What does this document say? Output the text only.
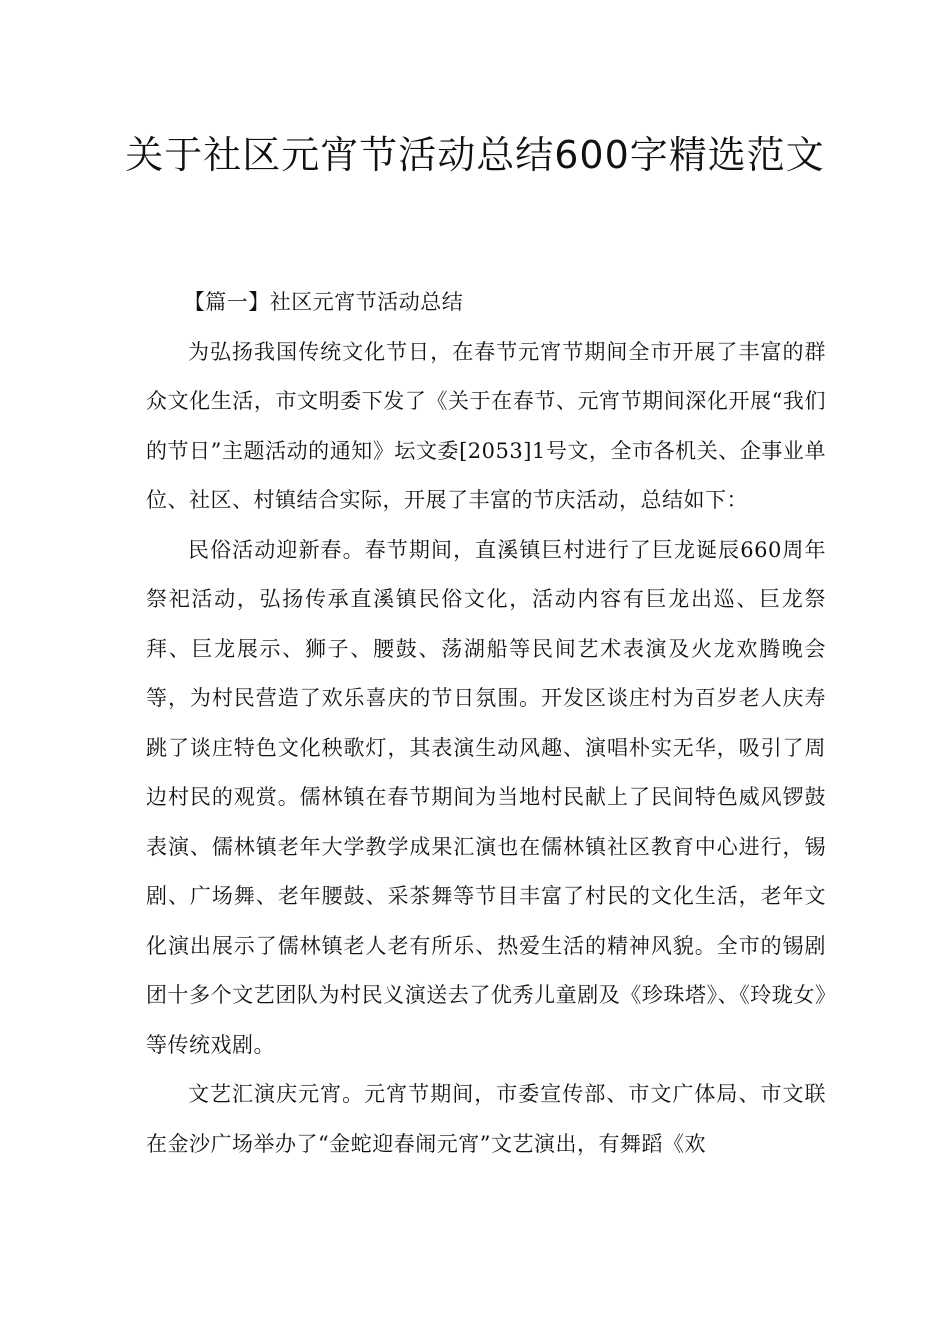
关于社区元宵节活动总结600字精选范文

【篇一】社区元宵节活动总结

为弘扬我国传统文化节日，在春节元宵节期间全市开展了丰富的群众文化生活，市文明委下发了《关于在春节、元宵节期间深化开展“我们的节日”主题活动的通知》坛文委[2053]1号文，全市各机关、企事业单位、社区、村镇结合实际，开展了丰富的节庆活动，总结如下：

民俗活动迎新春。春节期间，直溪镇巨村进行了巨龙诞辰660周年祭祀活动，弘扬传承直溪镇民俗文化，活动内容有巨龙出巡、巨龙祭拜、巨龙展示、狮子、腰鼓、荡湖船等民间艺术表演及火龙欢腾晚会等，为村民营造了欢乐喜庆的节日氛围。开发区谈庄村为百岁老人庆寿跳了谈庄特色文化秧歌灯，其表演生动风趣、演唱朴实无华，吸引了周边村民的观赏。儒林镇在春节期间为当地村民献上了民间特色威风锣鼓表演、儒林镇老年大学教学成果汇演也在儒林镇社区教育中心进行，锡剧、广场舞、老年腰鼓、采茶舞等节目丰富了村民的文化生活，老年文化演出展示了儒林镇老人老有所乐、热爱生活的精神风貌。全市的锡剧团十多个文艺团队为村民义演送去了优秀儿童剧及《珍珠塔》、《玲珑女》等传统戏剧。

文艺汇演庆元宵。元宵节期间，市委宣传部、市文广体局、市文联在金沙广场举办了“金蛇迎春闹元宵”文艺演出，有舞蹈《欢
